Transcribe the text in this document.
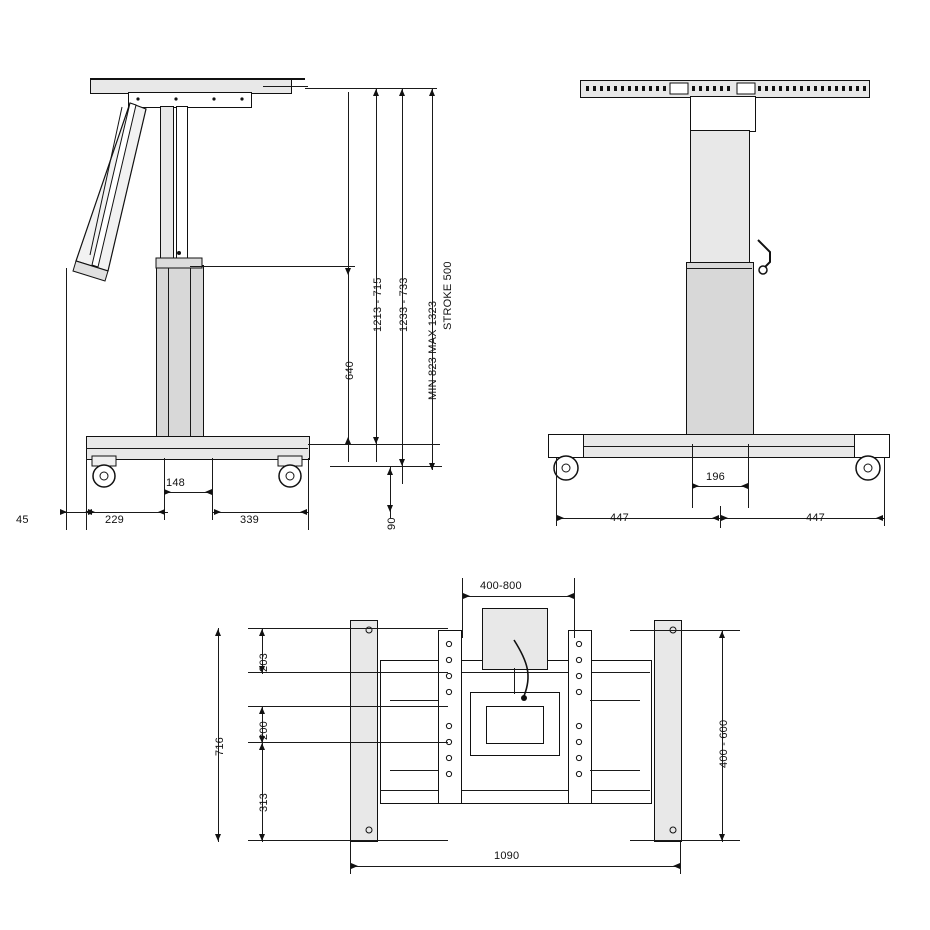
45	229
148
339
640
1213 - 715 1233 - 733 MIN 823 MAX 1323
STROKE 500
90
196
447	447
400-800
203
200
313
716	400 - 600
1090
